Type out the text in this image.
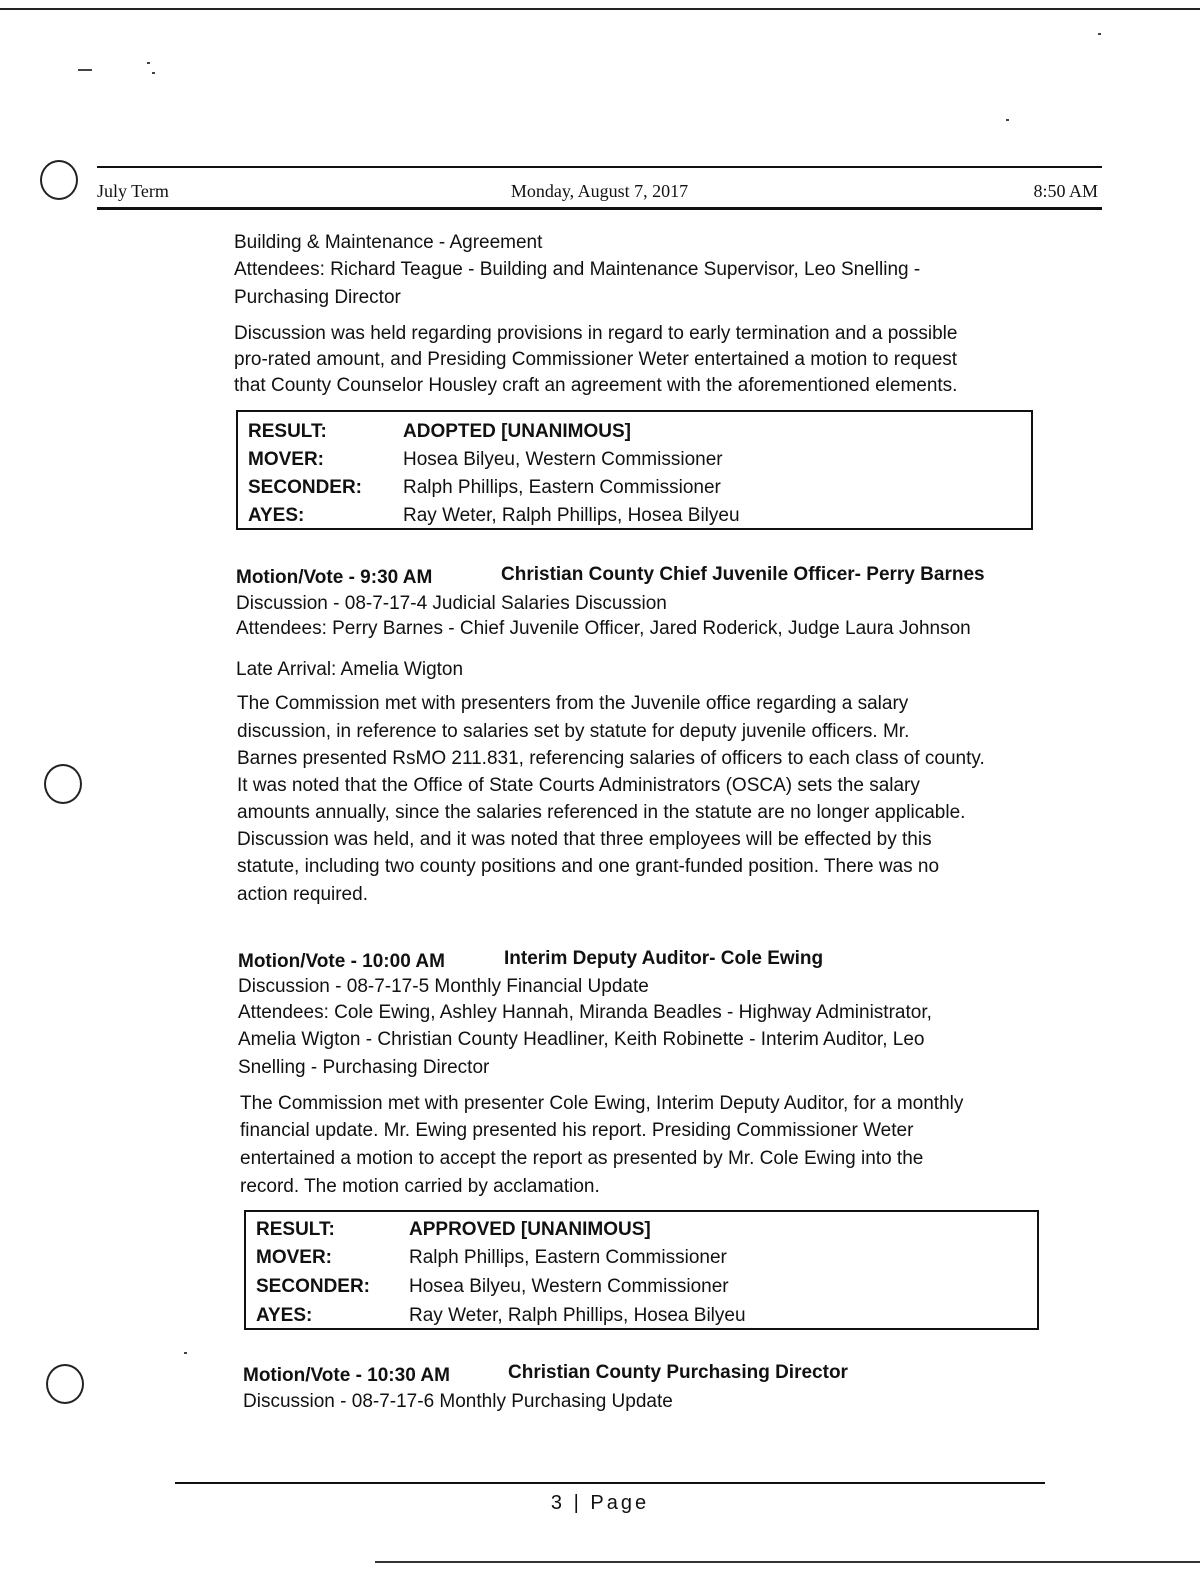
July Term	Monday, August 7, 2017	8:50 AM
Building & Maintenance - Agreement
Attendees: Richard Teague - Building and Maintenance Supervisor, Leo Snelling -
Purchasing Director
Discussion was held regarding provisions in regard to early termination and a possible
pro-rated amount, and Presiding Commissioner Weter entertained a motion to request
that County Counselor Housley craft an agreement with the aforementioned elements.
RESULT:	ADOPTED [UNANIMOUS]
MOVER:	Hosea Bilyeu, Western Commissioner
SECONDER: Ralph Phillips, Eastern Commissioner
AYES:	Ray Weter, Ralph Phillips, Hosea Bilyeu
Motion/Vote - 9:30 AM	Christian County Chief Juvenile Officer- Perry Barnes
Discussion - 08-7-17-4 Judicial Salaries Discussion
Attendees: Perry Barnes - Chief Juvenile Officer, Jared Roderick, Judge Laura Johnson
Late Arrival: Amelia Wigton
The Commission met with presenters from the Juvenile office regarding a salary
discussion, in reference to salaries set by statute for deputy juvenile officers. Mr.
Barnes presented RsMO 211.831, referencing salaries of officers to each class of county.
It was noted that the Office of State Courts Administrators (OSCA) sets the salary
amounts annually, since the salaries referenced in the statute are no longer applicable.
Discussion was held, and it was noted that three employees will be effected by this
statute, including two county positions and one grant-funded position. There was no
action required.
Motion/Vote - 10:00 AM	Interim Deputy Auditor- Cole Ewing
Discussion - 08-7-17-5 Monthly Financial Update
Attendees: Cole Ewing, Ashley Hannah, Miranda Beadles - Highway Administrator,
Amelia Wigton - Christian County Headliner, Keith Robinette - Interim Auditor, Leo
Snelling - Purchasing Director
The Commission met with presenter Cole Ewing, Interim Deputy Auditor, for a monthly
financial update. Mr. Ewing presented his report. Presiding Commissioner Weter
entertained a motion to accept the report as presented by Mr. Cole Ewing into the
record. The motion carried by acclamation.
RESULT:	APPROVED [UNANIMOUS]
MOVER:	Ralph Phillips, Eastern Commissioner
SECONDER: Hosea Bilyeu, Western Commissioner
AYES:	Ray Weter, Ralph Phillips, Hosea Bilyeu
Motion/Vote - 10:30 AM	Christian County Purchasing Director
Discussion - 08-7-17-6 Monthly Purchasing Update
3 | Page
